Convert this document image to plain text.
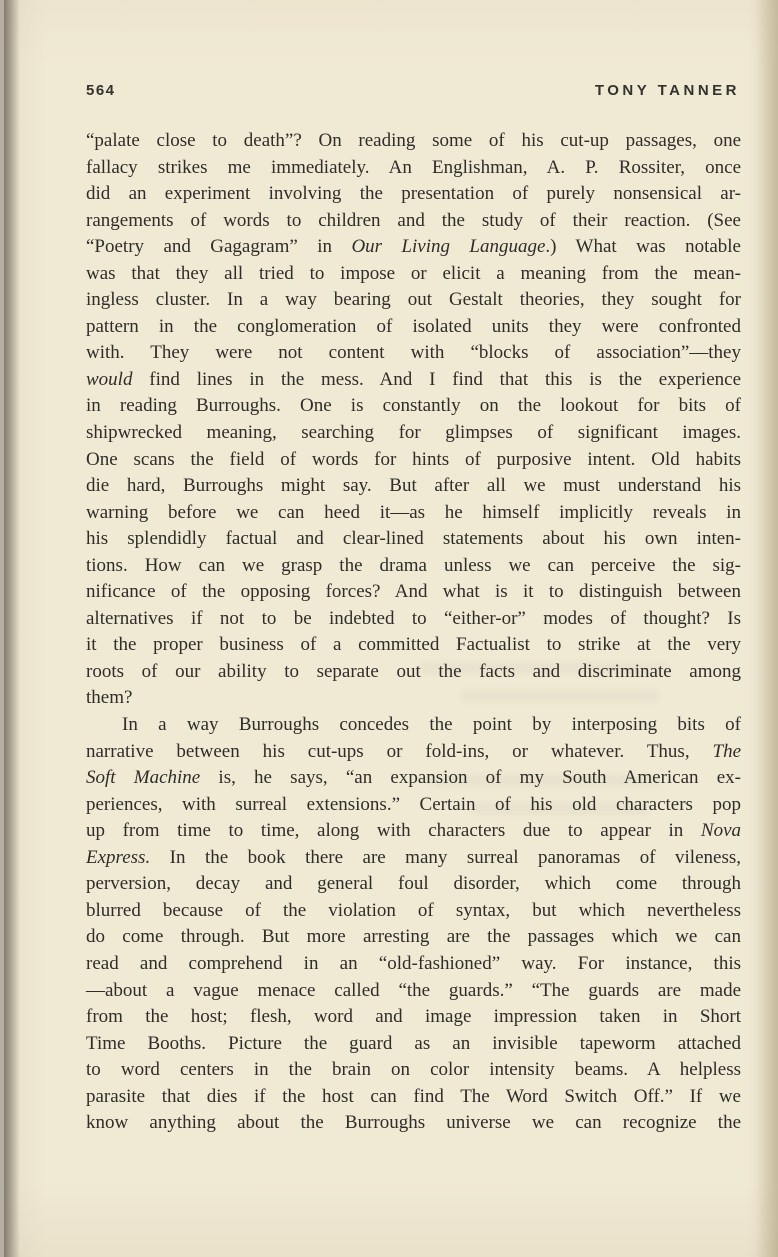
564	TONY TANNER
“palate close to death”? On reading some of his cut-up passages, one
fallacy strikes me immediately. An Englishman, A. P. Rossiter, once
did an experiment involving the presentation of purely nonsensical ar-
rangements of words to children and the study of their reaction. (See
“Poetry and Gagagram” in Our Living Language.) What was notable
was that they all tried to impose or elicit a meaning from the mean-
ingless cluster. In a way bearing out Gestalt theories, they sought for
pattern in the conglomeration of isolated units they were confronted
with. They were not content with “blocks of association”—they
would find lines in the mess. And I find that this is the experience
in reading Burroughs. One is constantly on the lookout for bits of
shipwrecked meaning, searching for glimpses of significant images.
One scans the field of words for hints of purposive intent. Old habits
die hard, Burroughs might say. But after all we must understand his
warning before we can heed it—as he himself implicitly reveals in
his splendidly factual and clear-lined statements about his own inten-
tions. How can we grasp the drama unless we can perceive the sig-
nificance of the opposing forces? And what is it to distinguish between
alternatives if not to be indebted to “either-or” modes of thought? Is
it the proper business of a committed Factualist to strike at the very
roots of our ability to separate out the facts and discriminate among
them?
In a way Burroughs concedes the point by interposing bits of
narrative between his cut-ups or fold-ins, or whatever. Thus, The
Soft Machine is, he says, “an expansion of my South American ex-
periences, with surreal extensions.” Certain of his old characters pop
up from time to time, along with characters due to appear in Nova
Express. In the book there are many surreal panoramas of vileness,
perversion, decay and general foul disorder, which come through
blurred because of the violation of syntax, but which nevertheless
do come through. But more arresting are the passages which we can
read and comprehend in an “old-fashioned” way. For instance, this
—about a vague menace called “the guards.” “The guards are made
from the host; flesh, word and image impression taken in Short
Time Booths. Picture the guard as an invisible tapeworm attached
to word centers in the brain on color intensity beams. A helpless
parasite that dies if the host can find The Word Switch Off.” If we
know anything about the Burroughs universe we can recognize the
